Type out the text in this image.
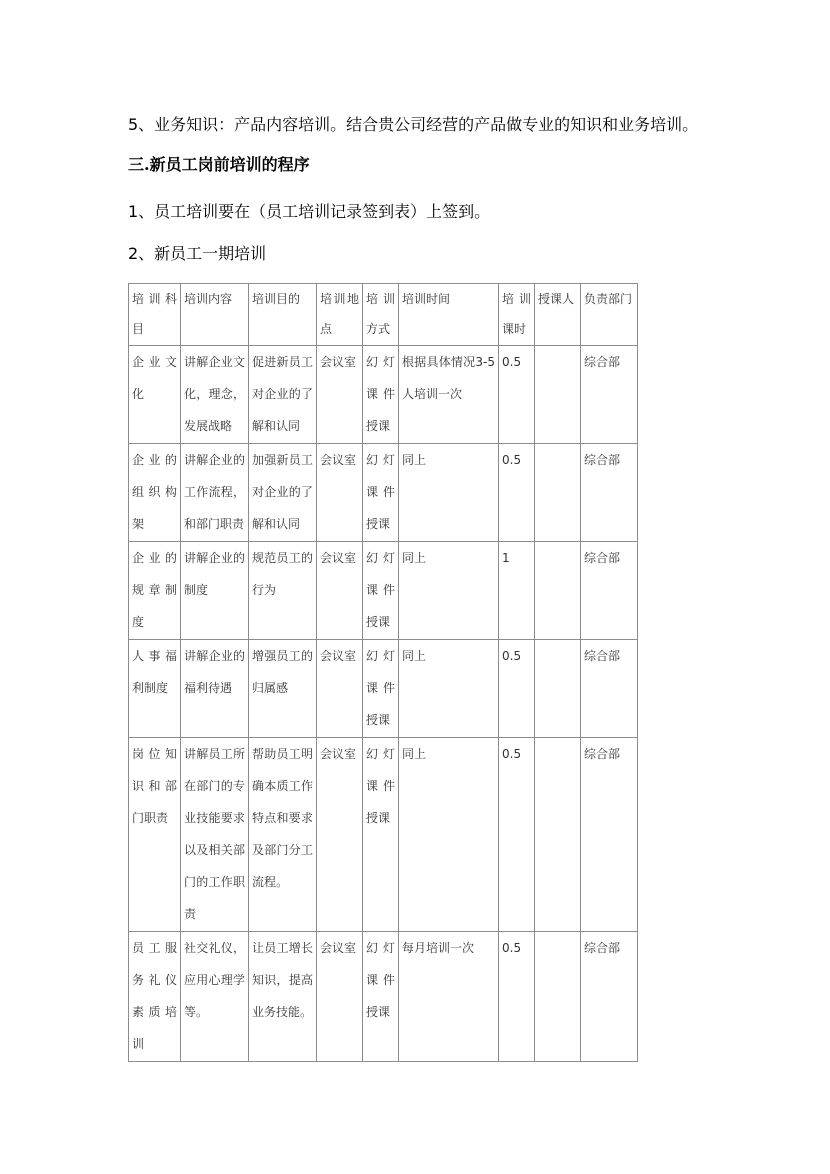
5、业务知识：产品内容培训。结合贵公司经营的产品做专业的知识和业务培训。

三.新员工岗前培训的程序

1、员工培训要在（员工培训记录签到表）上签到。

2、新员工一期培训

培训科目	培训内容	培训目的	培训地点	培训方式	培训时间	培训课时	授课人	负责部门
企业文化	讲解企业文化，理念，发展战略	促进新员工对企业的了解和认同	会议室	幻灯课件授课	根据具体情况3-5人培训一次	0.5		综合部
企业的组织构架	讲解企业的工作流程，和部门职责	加强新员工对企业的了解和认同	会议室	幻灯课件授课	同上	0.5		综合部
企业的规章制度	讲解企业的制度	规范员工的行为	会议室	幻灯课件授课	同上	1		综合部
人事福利制度	讲解企业的福利待遇	增强员工的归属感	会议室	幻灯课件授课	同上	0.5		综合部
岗位知识和部门职责	讲解员工所在部门的专业技能要求以及相关部门的工作职责	帮助员工明确本质工作特点和要求及部门分工流程。	会议室	幻灯课件授课	同上	0.5		综合部
员工服务礼仪素质培训	社交礼仪，应用心理学等。	让员工增长知识，提高业务技能。	会议室	幻灯课件授课	每月培训一次	0.5		综合部
